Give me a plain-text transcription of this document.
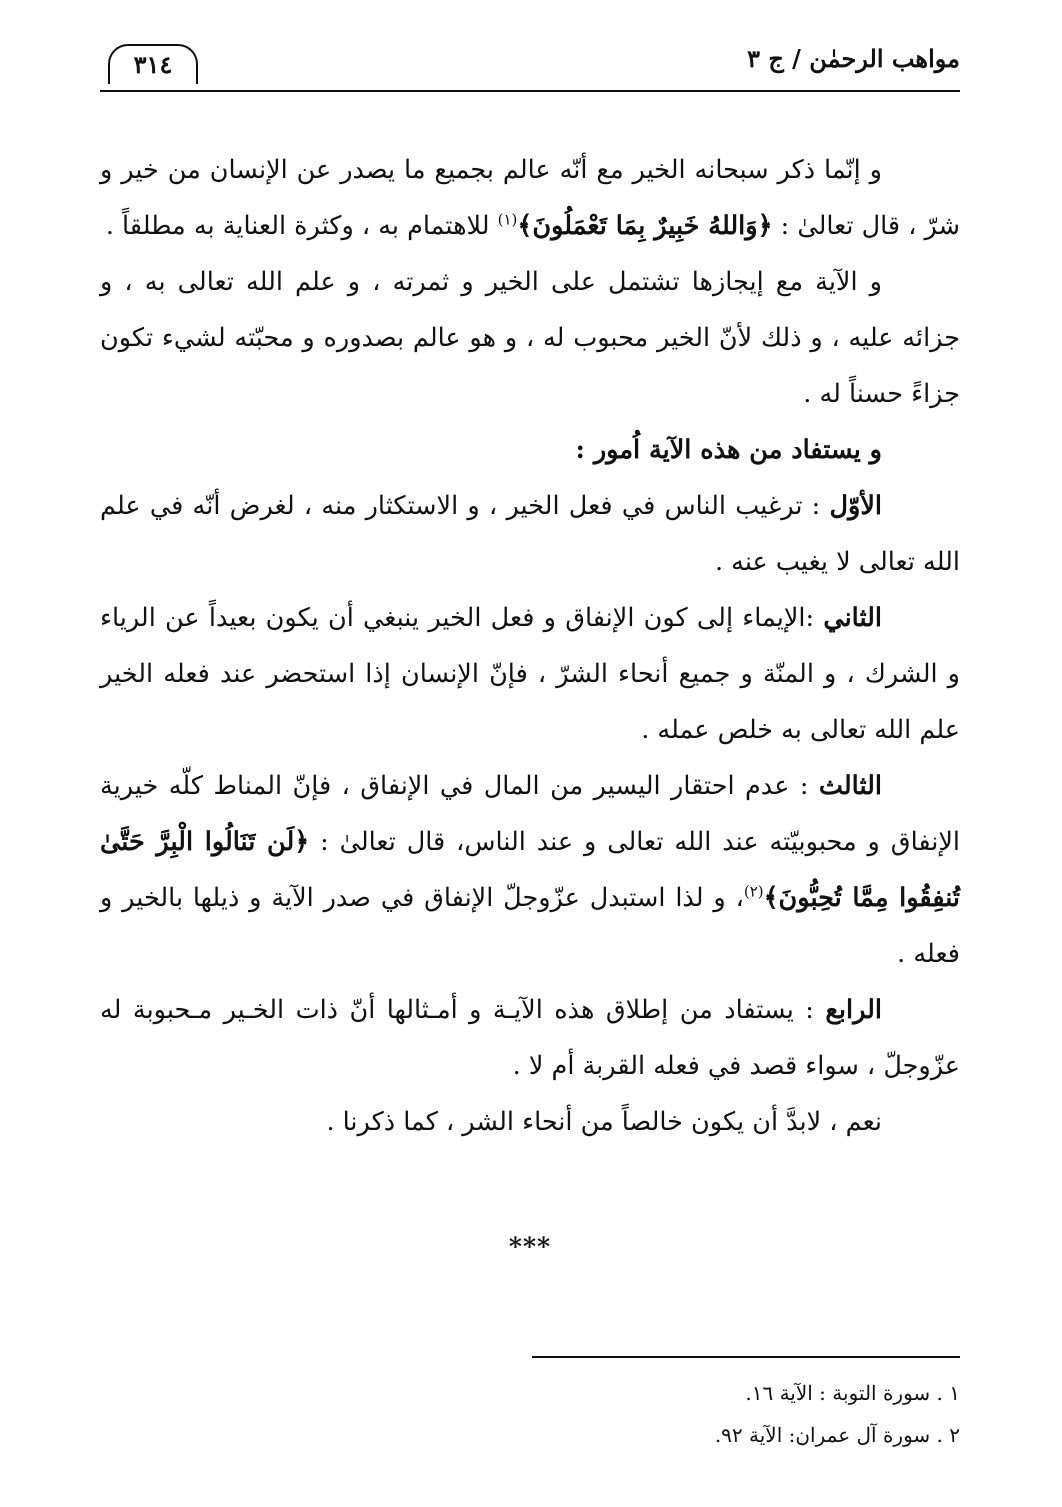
مواهب الرحمٰن / ج ٣
٣١٤

و إنّما ذكر سبحانه الخير مع أنّه عالم بجميع ما يصدر عن الإنسان من خير و شرّ ، قال تعالىٰ : ﴿وَاللهُ خَبِيرٌ بِمَا تَعْمَلُونَ﴾$^{(١)}$ للاهتمام به ، وكثرة العناية به مطلقاً .

و الآية مع إيجازها تشتمل على الخير و ثمرته ، و علم الله تعالى به ، و جزائه عليه ، و ذلك لأنّ الخير محبوب له ، و هو عالم بصدوره و محبّته لشيء تكون جزاءً حسناً له .

و يستفاد من هذه الآية اُمور :

الأوّل : ترغيب الناس في فعل الخير ، و الاستكثار منه ، لغرض أنّه في علم الله تعالى لا يغيب عنه .

الثاني :الإيماء إلى كون الإنفاق و فعل الخير ينبغي أن يكون بعيداً عن الرياء و الشرك ، و المنّة و جميع أنحاء الشرّ ، فإنّ الإنسان إذا استحضر عند فعله الخير علم الله تعالى به خلص عمله .

الثالث : عدم احتقار اليسير من المال في الإنفاق ، فإنّ المناط كلّه خيرية الإنفاق و محبوبيّته عند الله تعالى و عند الناس، قال تعالىٰ : ﴿لَن تَنَالُوا الْبِرَّ حَتَّىٰ تُنفِقُوا مِمَّا تُحِبُّونَ﴾$^{(٢)}$، و لذا استبدل عزّوجلّ الإنفاق في صدر الآية و ذيلها بالخير و فعله .

الرابع : يستفاد من إطلاق هذه الآيـة و أمـثالها أنّ ذات الخـير مـحبوبة له عزّوجلّ ، سواء قصد في فعله القربة أم لا .

نعم ، لابدَّ أن يكون خالصاً من أنحاء الشر ، كما ذكرنا .

***

١ . سورة التوبة : الآية ١٦.

٢ . سورة آل عمران: الآية ٩٢.
